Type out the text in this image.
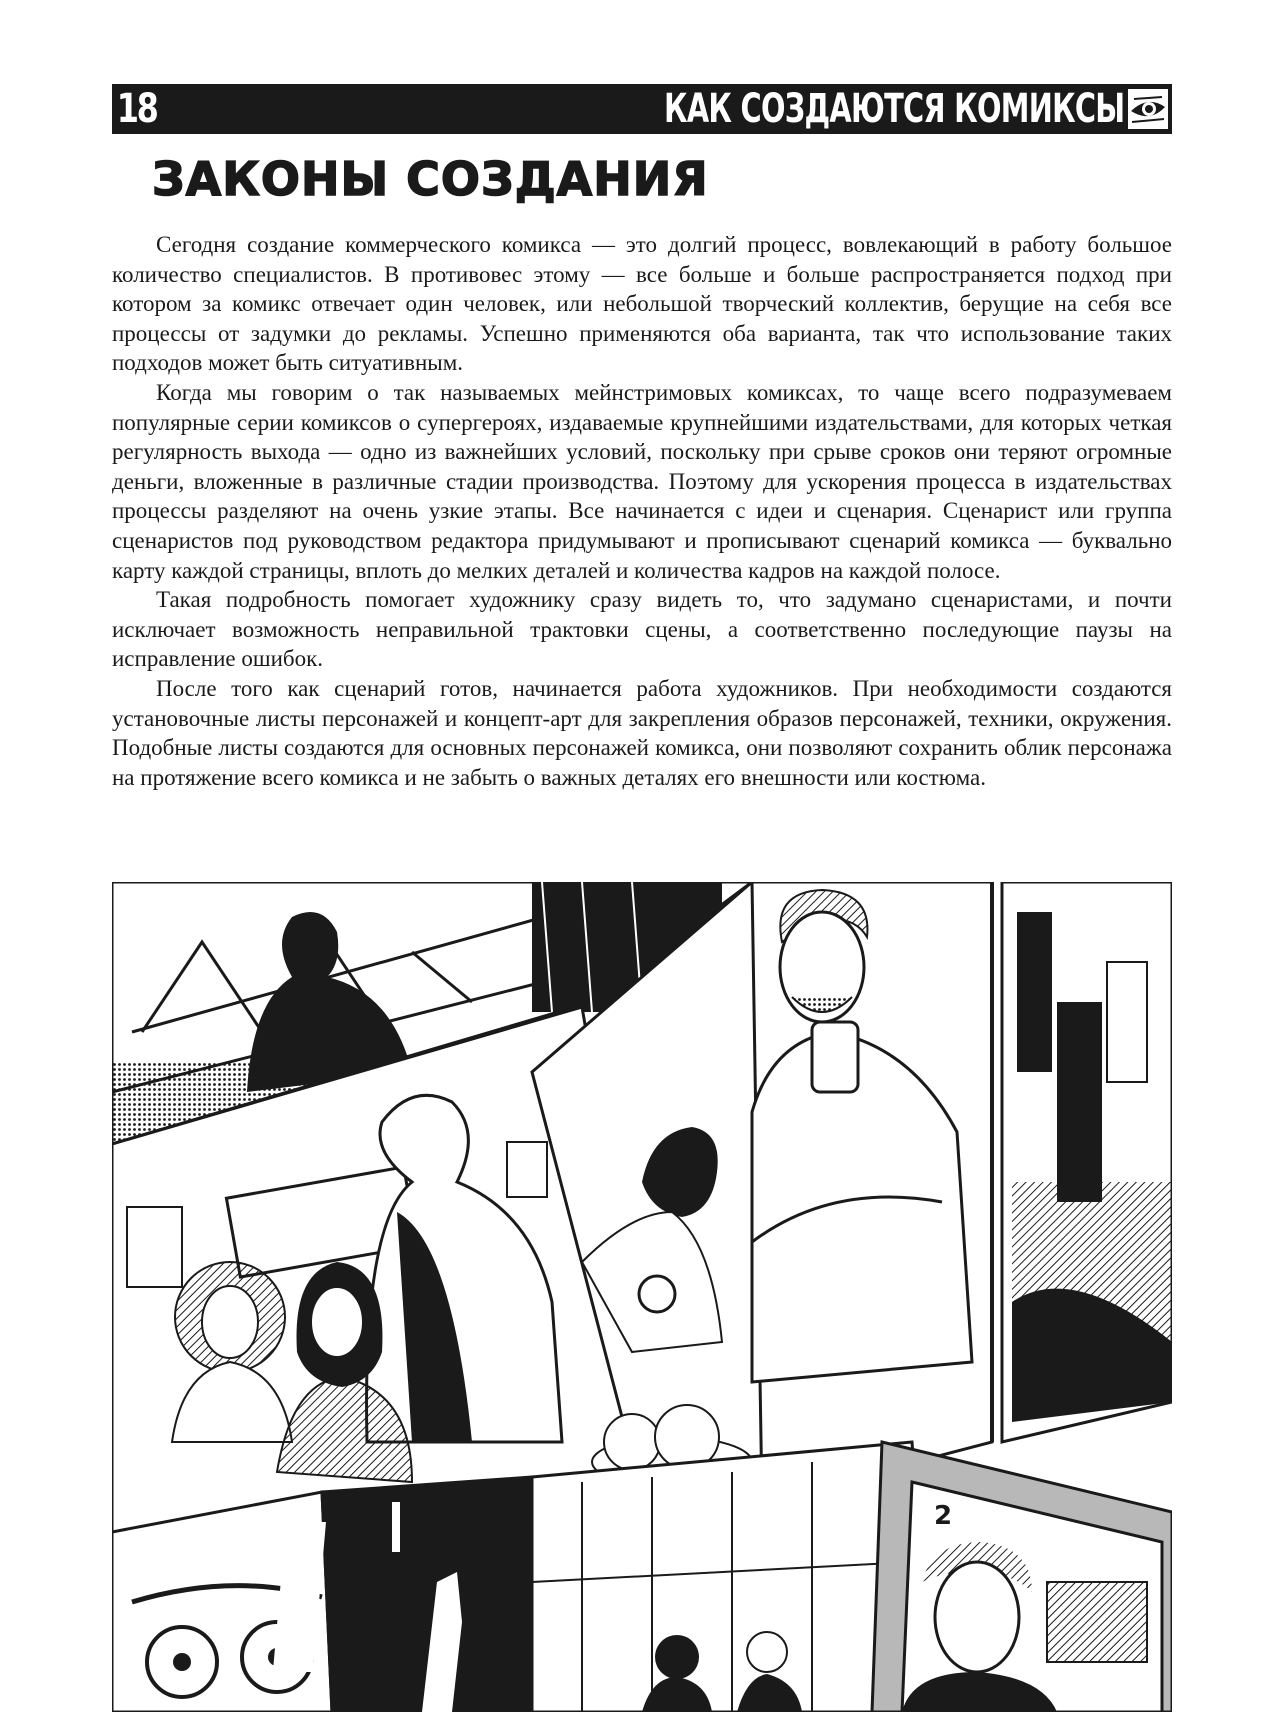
18	КАК СОЗДАЮТСЯ КОМИКСЫ
ЗАКОНЫ СОЗДАНИЯ

Сегодня создание коммерческого комикса — это долгий процесс, вовлекающий в работу большое количество специалистов. В противовес этому — все больше и больше распространяется подход при котором за комикс отвечает один человек, или небольшой творческий коллектив, берущие на себя все процессы от задумки до рекламы. Успешно применяются оба варианта, так что использование таких подходов может быть ситуативным.

Когда мы говорим о так называемых мейнстримовых комиксах, то чаще всего подразумеваем популярные серии комиксов о супергероях, издаваемые крупнейшими издательствами, для которых четкая регулярность выхода — одно из важнейших условий, поскольку при срыве сроков они теряют огромные деньги, вложенные в различные стадии производства. Поэтому для ускорения процесса в издательствах процессы разделяют на очень узкие этапы. Все начинается с идеи и сценария. Сценарист или группа сценаристов под руководством редактора придумывают и прописывают сценарий комикса — буквально карту каждой страницы, вплоть до мелких деталей и количества кадров на каждой полосе.

Такая подробность помогает художнику сразу видеть то, что задумано сценаристами, и почти исключает возможность неправильной трактовки сцены, а соответственно последующие паузы на исправление ошибок.

После того как сценарий готов, начинается работа художников. При необходимости создаются установочные листы персонажей и концепт-арт для закрепления образов персонажей, техники, окружения. Подобные листы создаются для основных персонажей комикса, они позволяют сохранить облик персонажа на протяжение всего комикса и не забыть о важных деталях его внешности или костюма.

2
